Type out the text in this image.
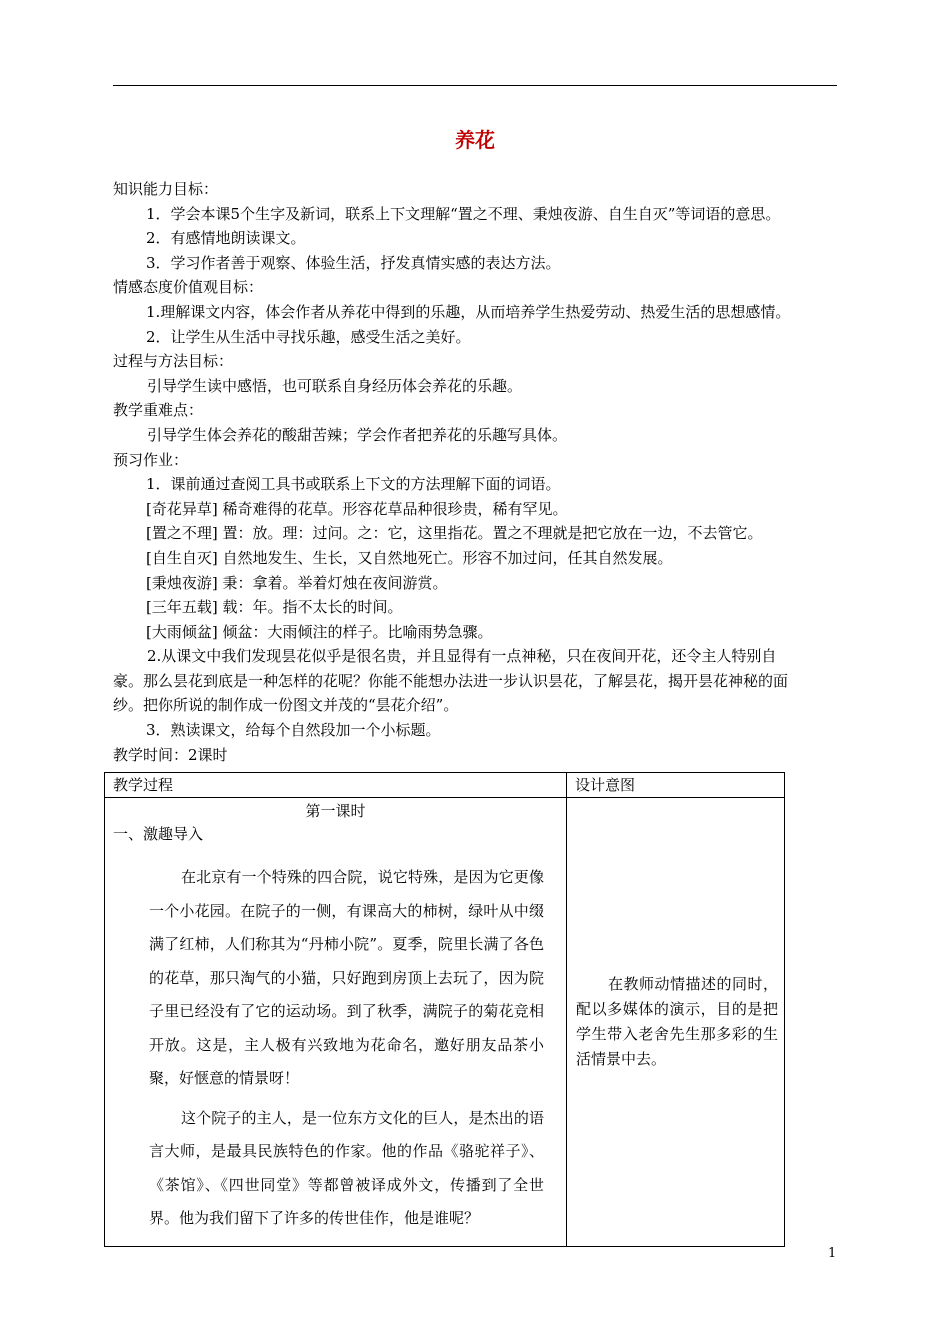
养花
知识能力目标：
1．学会本课5个生字及新词，联系上下文理解“置之不理、秉烛夜游、自生自灭”等词语的意思。
2．有感情地朗读课文。
3．学习作者善于观察、体验生活，抒发真情实感的表达方法。
情感态度价值观目标：
1.理解课文内容，体会作者从养花中得到的乐趣，从而培养学生热爱劳动、热爱生活的思想感情。
2．让学生从生活中寻找乐趣，感受生活之美好。
过程与方法目标：
引导学生读中感悟，也可联系自身经历体会养花的乐趣。
教学重难点：
引导学生体会养花的酸甜苦辣；学会作者把养花的乐趣写具体。
预习作业：
1．课前通过查阅工具书或联系上下文的方法理解下面的词语。
[奇花异草] 稀奇难得的花草。形容花草品种很珍贵，稀有罕见。
[置之不理] 置：放。理：过问。之：它，这里指花。置之不理就是把它放在一边，不去管它。
[自生自灭] 自然地发生、生长，又自然地死亡。形容不加过问，任其自然发展。
[秉烛夜游] 秉：拿着。举着灯烛在夜间游赏。
[三年五载] 载：年。指不太长的时间。
[大雨倾盆] 倾盆：大雨倾注的样子。比喻雨势急骤。
2.从课文中我们发现昙花似乎是很名贵，并且显得有一点神秘，只在夜间开花，还令主人特别自豪。那么昙花到底是一种怎样的花呢？你能不能想办法进一步认识昙花，了解昙花，揭开昙花神秘的面纱。把你所说的制作成一份图文并茂的“昙花介绍”。
3．熟读课文，给每个自然段加一个小标题。
教学时间：2课时
教学过程	设计意图

第一课时
一、激趣导入
在北京有一个特殊的四合院，说它特殊，是因为它更像一个小花园。在院子的一侧，有课高大的柿树，绿叶从中缀满了红柿，人们称其为“丹柿小院”。夏季，院里长满了各色的花草，那只淘气的小猫，只好跑到房顶上去玩了，因为院子里已经没有了它的运动场。到了秋季，满院子的菊花竞相开放。这是，主人极有兴致地为花命名，邀好朋友品茶小聚，好惬意的情景呀！
这个院子的主人，是一位东方文化的巨人，是杰出的语言大师，是最具民族特色的作家。他的作品《骆驼祥子》、《茶馆》、《四世同堂》等都曾被译成外文，传播到了全世界。他为我们留下了许多的传世佳作，他是谁呢？	在教师动情描述的同时，配以多媒体的演示，目的是把学生带入老舍先生那多彩的生活情景中去。
1
